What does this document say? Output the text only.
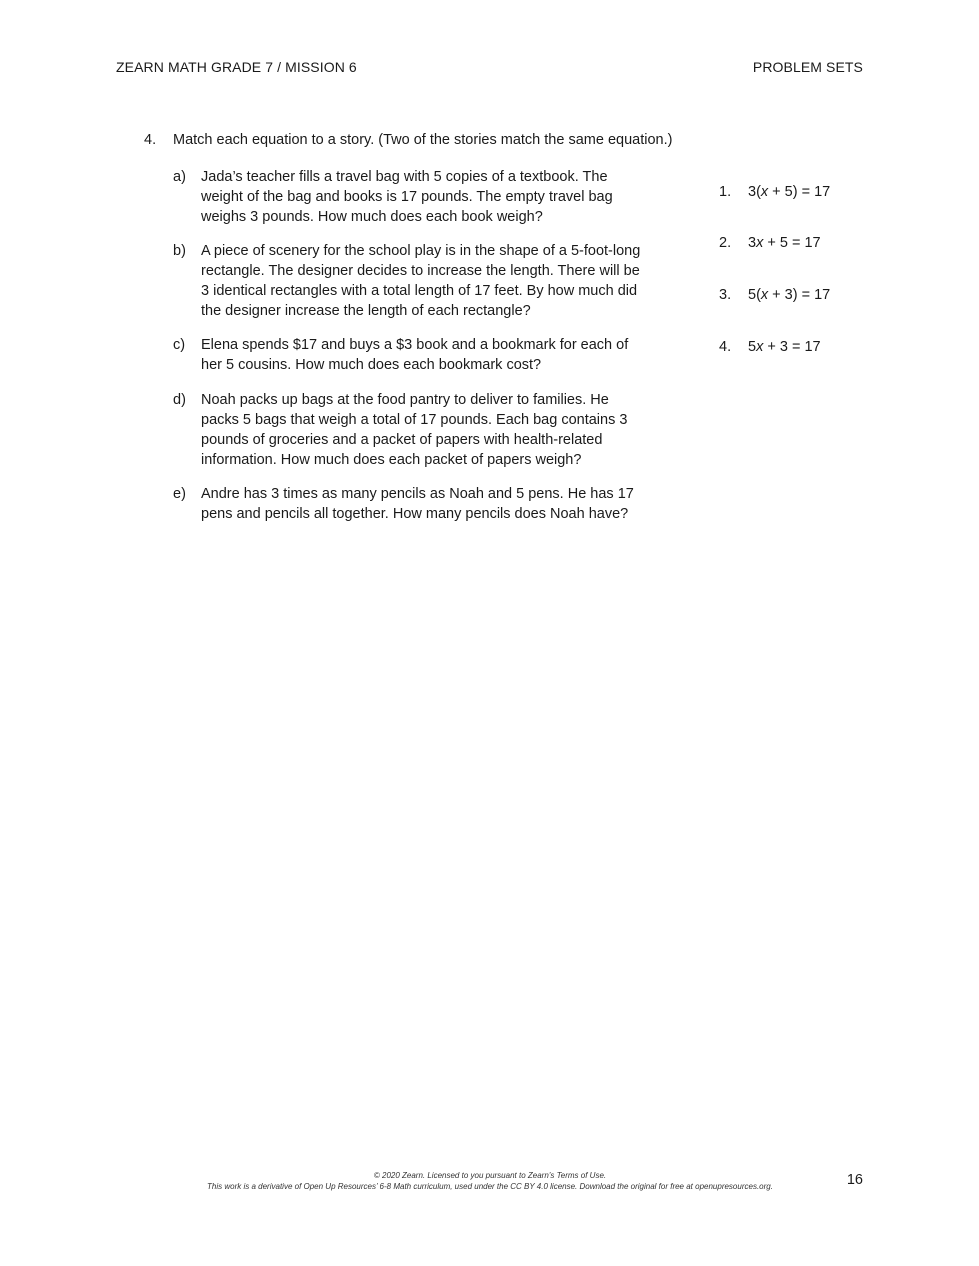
ZEARN MATH GRADE 7 / MISSION 6	PROBLEM SETS
4. Match each equation to a story. (Two of the stories match the same equation.)
a) Jada’s teacher fills a travel bag with 5 copies of a textbook. The weight of the bag and books is 17 pounds. The empty travel bag weighs 3 pounds. How much does each book weigh?
b) A piece of scenery for the school play is in the shape of a 5-foot-long rectangle. The designer decides to increase the length. There will be 3 identical rectangles with a total length of 17 feet. By how much did the designer increase the length of each rectangle?
c) Elena spends $17 and buys a $3 book and a bookmark for each of her 5 cousins. How much does each bookmark cost?
d) Noah packs up bags at the food pantry to deliver to families. He packs 5 bags that weigh a total of 17 pounds. Each bag contains 3 pounds of groceries and a packet of papers with health-related information. How much does each packet of papers weigh?
e) Andre has 3 times as many pencils as Noah and 5 pens. He has 17 pens and pencils all together. How many pencils does Noah have?
1. 3(x + 5) = 17
2. 3x + 5 = 17
3. 5(x + 3) = 17
4. 5x + 3 = 17
© 2020 Zearn. Licensed to you pursuant to Zearn’s Terms of Use.
This work is a derivative of Open Up Resources’ 6-8 Math curriculum, used under the CC BY 4.0 license. Download the original for free at openupresources.org.	16
